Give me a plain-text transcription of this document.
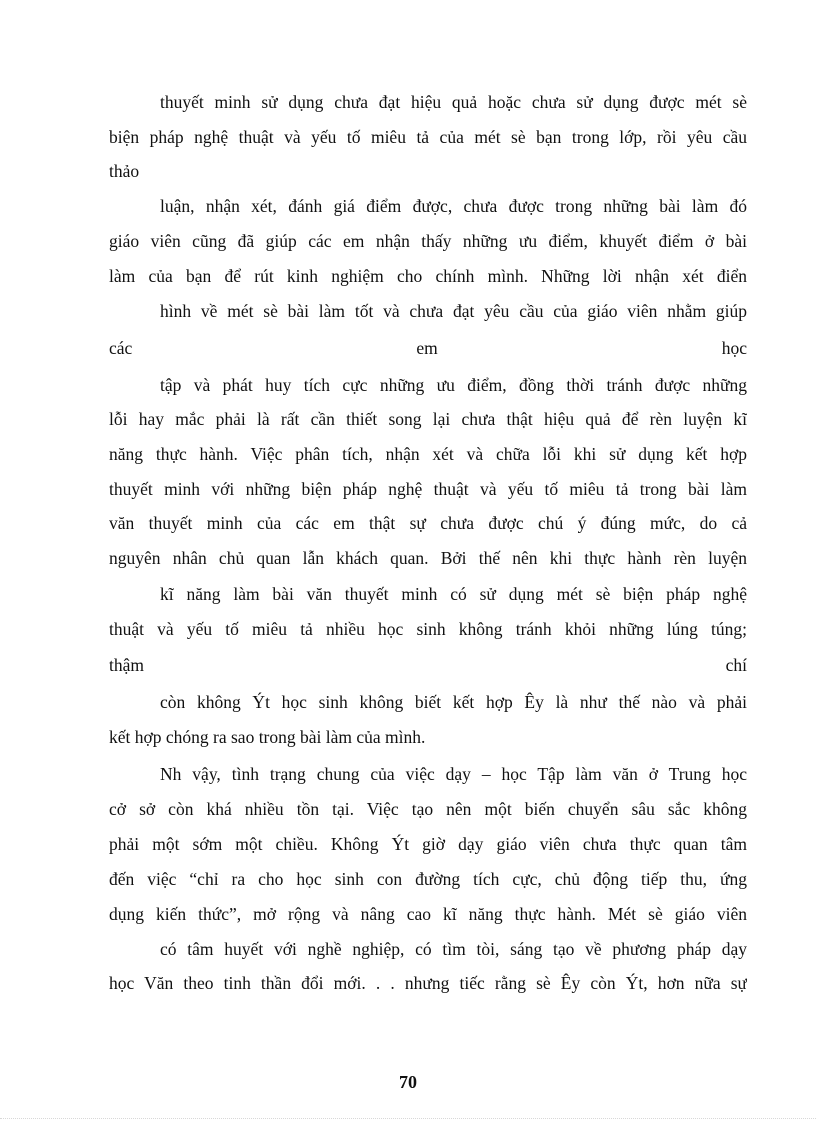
thuyết minh sử dụng chưa đạt hiệu quả hoặc chưa sử dụng được mét sè
biện pháp nghệ thuật và yếu tố miêu tả của mét sè bạn trong lớp, rồi yêu cầu
thảo
luận, nhận xét, đánh giá điểm được, chưa được trong những bài làm đó
giáo viên cũng đã giúp các em nhận thấy những ưu điểm, khuyết điểm ở bài
làm của bạn để rút kinh nghiệm cho chính mình. Những lời nhận xét điển
hình về mét sè bài làm tốt và chưa đạt yêu cầu của giáo viên nhằm giúp
các em học
tập và phát huy tích cực những ưu điểm, đồng thời tránh được những
lỗi hay mắc phải là rất cần thiết song lại chưa thật hiệu quả để rèn luyện kĩ
năng thực hành. Việc phân tích, nhận xét và chữa lỗi khi sử dụng kết hợp
thuyết minh với những biện pháp nghệ thuật và yếu tố miêu tả trong bài làm
văn thuyết minh của các em thật sự chưa được chú ý đúng mức, do cả
nguyên nhân chủ quan lẫn khách quan. Bởi thế nên khi thực hành rèn luyện
kĩ năng làm bài văn thuyết minh có sử dụng mét sè biện pháp nghệ
thuật và yếu tố miêu tả nhiều học sinh không tránh khỏi những lúng túng;
thậm chí
còn không Ýt học sinh không biết kết hợp Êy là như thế nào và phải
kết hợp chóng ra sao trong bài làm của mình.
Nh vậy, tình trạng chung của việc dạy – học Tập làm văn ở Trung học
cở sở còn khá nhiều tồn tại. Việc tạo nên một biến chuyển sâu sắc không
phải một sớm một chiều. Không Ýt giờ dạy giáo viên chưa thực quan tâm
đến việc “chỉ ra cho học sinh con đường tích cực, chủ động tiếp thu, ứng
dụng kiến thức”, mở rộng và nâng cao kĩ năng thực hành. Mét sè giáo viên
có tâm huyết với nghề nghiệp, có tìm tòi, sáng tạo về phương pháp dạy
học Văn theo tinh thần đổi mới. . . nhưng tiếc rằng sè Êy còn Ýt, hơn nữa sự
70
